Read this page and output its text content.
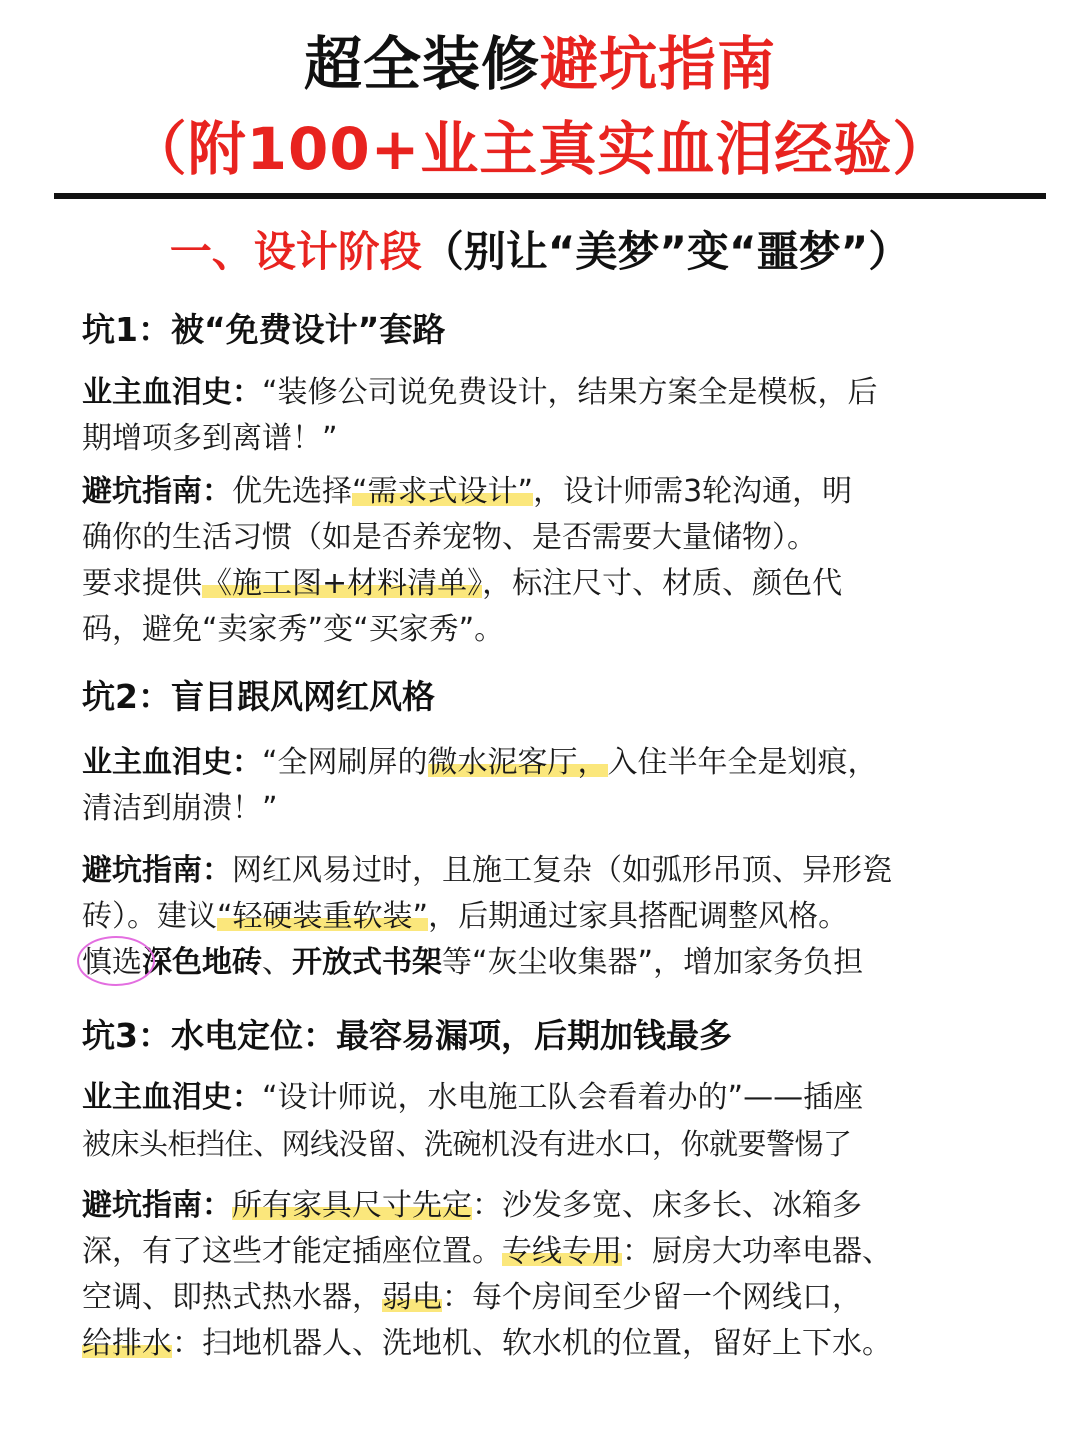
超全装修避坑指南
（附100+业主真实血泪经验）
一、设计阶段（别让“美梦”变“噩梦”）
坑1：被“免费设计”套路
业主血泪史：“装修公司说免费设计，结果方案全是模板，后
期增项多到离谱！”
避坑指南：优先选择“需求式设计”，设计师需3轮沟通，明
确你的生活习惯（如是否养宠物、是否需要大量储物）。
要求提供《施工图+材料清单》，标注尺寸、材质、颜色代
码，避免“卖家秀”变“买家秀”。
坑2：盲目跟风网红风格
业主血泪史：“全网刷屏的微水泥客厅，入住半年全是划痕，
清洁到崩溃！”
避坑指南：网红风易过时，且施工复杂（如弧形吊顶、异形瓷
砖）。建议“轻硬装重软装”，后期通过家具搭配调整风格。
慎选深色地砖、开放式书架等“灰尘收集器”，增加家务负担
坑3：水电定位：最容易漏项，后期加钱最多
业主血泪史：“设计师说，水电施工队会看着办的”——插座
被床头柜挡住、网线没留、洗碗机没有进水口，你就要警惕了
避坑指南：所有家具尺寸先定：沙发多宽、床多长、冰箱多
深，有了这些才能定插座位置。专线专用：厨房大功率电器、
空调、即热式热水器，弱电：每个房间至少留一个网线口，
给排水：扫地机器人、洗地机、软水机的位置，留好上下水。
